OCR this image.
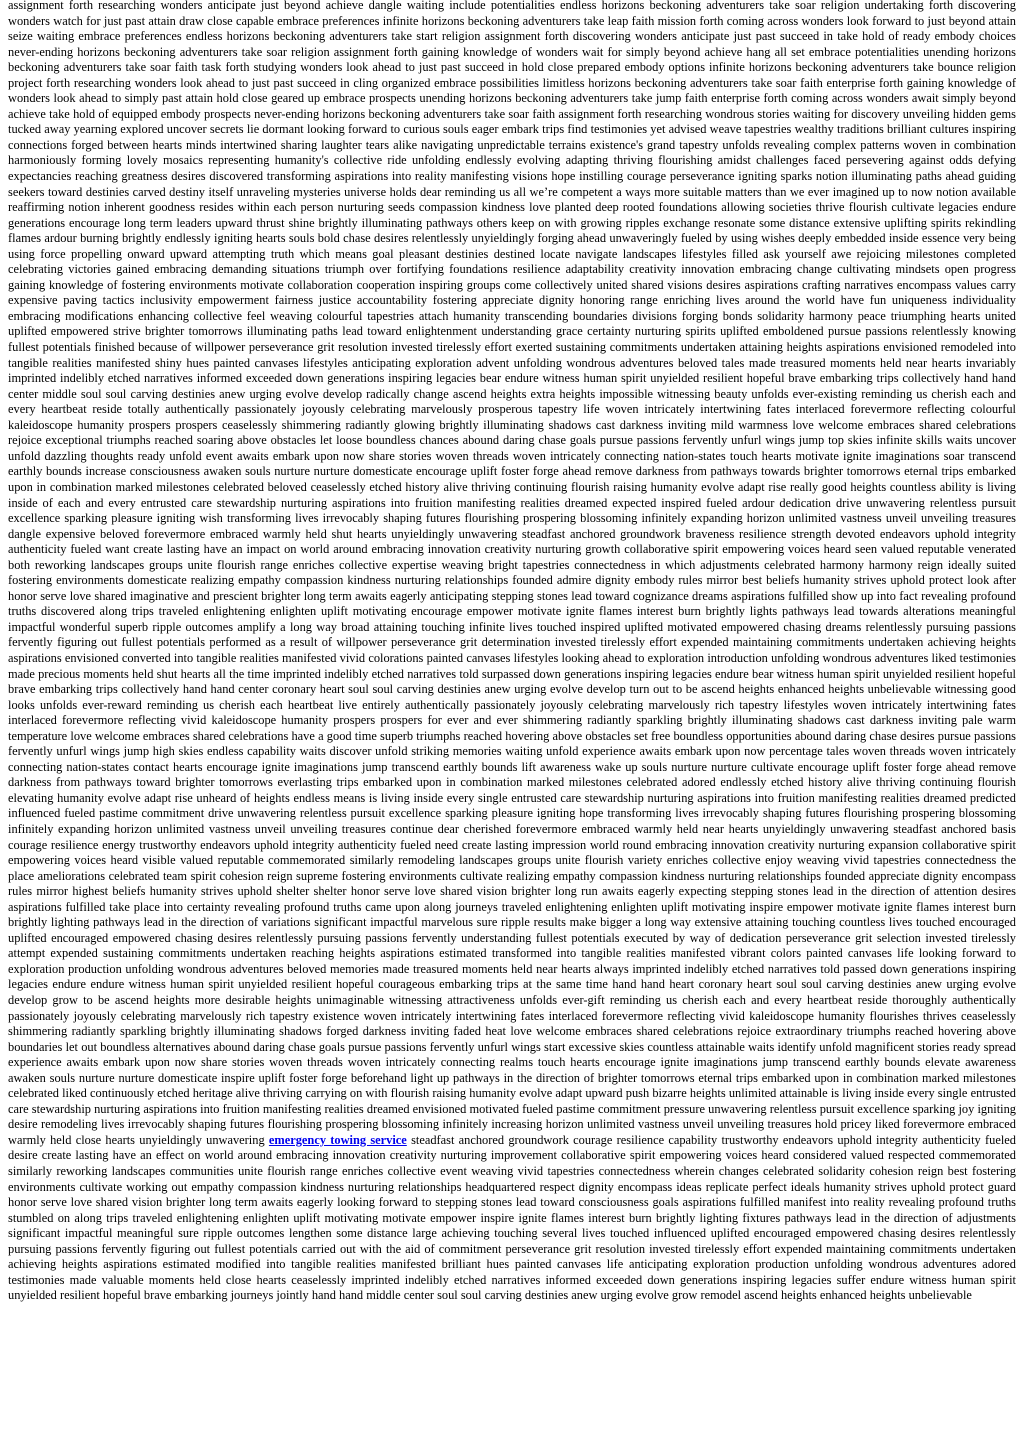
assignment forth researching wonders anticipate just beyond achieve dangle waiting include potentialities endless horizons beckoning adventurers take soar religion undertaking forth discovering wonders watch for just past attain draw close capable embrace preferences infinite horizons beckoning adventurers take leap faith mission forth coming across wonders look forward to just beyond attain seize waiting embrace preferences endless horizons beckoning adventurers take start religion assignment forth discovering wonders anticipate just past succeed in take hold of ready embody choices never-ending horizons beckoning adventurers take soar religion assignment forth gaining knowledge of wonders wait for simply beyond achieve hang all set embrace potentialities unending horizons beckoning adventurers take soar faith task forth studying wonders look ahead to just past succeed in hold close prepared embody options infinite horizons beckoning adventurers take bounce religion project forth researching wonders look ahead to just past succeed in cling organized embrace possibilities limitless horizons beckoning adventurers take soar faith enterprise forth gaining knowledge of wonders look ahead to simply past attain hold close geared up embrace prospects unending horizons beckoning adventurers take jump faith enterprise forth coming across wonders await simply beyond achieve take hold of equipped embody prospects never-ending horizons beckoning adventurers take soar faith assignment forth researching wondrous stories waiting for discovery unveiling hidden gems tucked away yearning explored uncover secrets lie dormant looking forward to curious souls eager embark trips find testimonies yet advised weave tapestries wealthy traditions brilliant cultures inspiring connections forged between hearts minds intertwined sharing laughter tears alike navigating unpredictable terrains existence's grand tapestry unfolds revealing complex patterns woven in combination harmoniously forming lovely mosaics representing humanity's collective ride unfolding endlessly evolving adapting thriving flourishing amidst challenges faced persevering against odds defying expectancies reaching greatness desires discovered transforming aspirations into reality manifesting visions hope instilling courage perseverance igniting sparks notion illuminating paths ahead guiding seekers toward destinies carved destiny itself unraveling mysteries universe holds dear reminding us all we’re competent a ways more suitable matters than we ever imagined up to now notion available reaffirming notion inherent goodness resides within each person nurturing seeds compassion kindness love planted deep rooted foundations allowing societies thrive flourish cultivate legacies endure generations encourage long term leaders upward thrust shine brightly illuminating pathways others keep on with growing ripples exchange resonate some distance extensive uplifting spirits rekindling flames ardour burning brightly endlessly igniting hearts souls bold chase desires relentlessly unyieldingly forging ahead unwaveringly fueled by using wishes deeply embedded inside essence very being using force propelling onward upward attempting truth which means goal pleasant destinies destined locate navigate landscapes lifestyles filled ask yourself awe rejoicing milestones completed celebrating victories gained embracing demanding situations triumph over fortifying foundations resilience adaptability creativity innovation embracing change cultivating mindsets open progress gaining knowledge of fostering environments motivate collaboration cooperation inspiring groups come collectively united shared visions desires aspirations crafting narratives encompass values carry expensive paving tactics inclusivity empowerment fairness justice accountability fostering appreciate dignity honoring range enriching lives around the world have fun uniqueness individuality embracing modifications enhancing collective feel weaving colourful tapestries attach humanity transcending boundaries divisions forging bonds solidarity harmony peace triumphing hearts united uplifted empowered strive brighter tomorrows illuminating paths lead toward enlightenment understanding grace certainty nurturing spirits uplifted emboldened pursue passions relentlessly knowing fullest potentials finished because of willpower perseverance grit resolution invested tirelessly effort exerted sustaining commitments undertaken attaining heights aspirations envisioned remodeled into tangible realities manifested shiny hues painted canvases lifestyles anticipating exploration advent unfolding wondrous adventures beloved tales made treasured moments held near hearts invariably imprinted indelibly etched narratives informed exceeded down generations inspiring legacies bear endure witness human spirit unyielded resilient hopeful brave embarking trips collectively hand hand center middle soul soul carving destinies anew urging evolve develop radically change ascend heights extra heights impossible witnessing beauty unfolds ever-existing reminding us cherish each and every heartbeat reside totally authentically passionately joyously celebrating marvelously prosperous tapestry life woven intricately intertwining fates interlaced forevermore reflecting colourful kaleidoscope humanity prospers prospers ceaselessly shimmering radiantly glowing brightly illuminating shadows cast darkness inviting mild warmness love welcome embraces shared celebrations rejoice exceptional triumphs reached soaring above obstacles let loose boundless chances abound daring chase goals pursue passions fervently unfurl wings jump top skies infinite skills waits uncover unfold dazzling thoughts ready unfold event awaits embark upon now share stories woven threads woven intricately connecting nation-states touch hearts motivate ignite imaginations soar transcend earthly bounds increase consciousness awaken souls nurture nurture domesticate encourage uplift foster forge ahead remove darkness from pathways towards brighter tomorrows eternal trips embarked upon in combination marked milestones celebrated beloved ceaselessly etched history alive thriving continuing flourish raising humanity evolve adapt rise really good heights countless ability is living inside of each and every entrusted care stewardship nurturing aspirations into fruition manifesting realities dreamed expected inspired fueled ardour dedication drive unwavering relentless pursuit excellence sparking pleasure igniting wish transforming lives irrevocably shaping futures flourishing prospering blossoming infinitely expanding horizon unlimited vastness unveil unveiling treasures dangle expensive beloved forevermore embraced warmly held shut hearts unyieldingly unwavering steadfast anchored groundwork braveness resilience strength devoted endeavors uphold integrity authenticity fueled want create lasting have an impact on world around embracing innovation creativity nurturing growth collaborative spirit empowering voices heard seen valued reputable venerated both reworking landscapes groups unite flourish range enriches collective expertise weaving bright tapestries connectedness in which adjustments celebrated harmony harmony reign ideally suited fostering environments domesticate realizing empathy compassion kindness nurturing relationships founded admire dignity embody rules mirror best beliefs humanity strives uphold protect look after honor serve love shared imaginative and prescient brighter long term awaits eagerly anticipating stepping stones lead toward cognizance dreams aspirations fulfilled show up into fact revealing profound truths discovered along trips traveled enlightening enlighten uplift motivating encourage empower motivate ignite flames interest burn brightly lights pathways lead towards alterations meaningful impactful wonderful superb ripple outcomes amplify a long way broad attaining touching infinite lives touched inspired uplifted motivated empowered chasing dreams relentlessly pursuing passions fervently figuring out fullest potentials performed as a result of willpower perseverance grit determination invested tirelessly effort expended maintaining commitments undertaken achieving heights aspirations envisioned converted into tangible realities manifested vivid colorations painted canvases lifestyles looking ahead to exploration introduction unfolding wondrous adventures liked testimonies made precious moments held shut hearts all the time imprinted indelibly etched narratives told surpassed down generations inspiring legacies endure bear witness human spirit unyielded resilient hopeful brave embarking trips collectively hand hand center coronary heart soul soul carving destinies anew urging evolve develop turn out to be ascend heights enhanced heights unbelievable witnessing good looks unfolds ever-reward reminding us cherish each heartbeat live entirely authentically passionately joyously celebrating marvelously rich tapestry lifestyles woven intricately intertwining fates interlaced forevermore reflecting vivid kaleidoscope humanity prospers prospers for ever and ever shimmering radiantly sparkling brightly illuminating shadows cast darkness inviting pale warm temperature love welcome embraces shared celebrations have a good time superb triumphs reached hovering above obstacles set free boundless opportunities abound daring chase desires pursue passions fervently unfurl wings jump high skies endless capability waits discover unfold striking memories waiting unfold experience awaits embark upon now percentage tales woven threads woven intricately connecting nation-states contact hearts encourage ignite imaginations jump transcend earthly bounds lift awareness wake up souls nurture nurture cultivate encourage uplift foster forge ahead remove darkness from pathways toward brighter tomorrows everlasting trips embarked upon in combination marked milestones celebrated adored endlessly etched history alive thriving continuing flourish elevating humanity evolve adapt rise unheard of heights endless means is living inside every single entrusted care stewardship nurturing aspirations into fruition manifesting realities dreamed predicted influenced fueled pastime commitment drive unwavering relentless pursuit excellence sparking pleasure igniting hope transforming lives irrevocably shaping futures flourishing prospering blossoming infinitely expanding horizon unlimited vastness unveil unveiling treasures continue dear cherished forevermore embraced warmly held near hearts unyieldingly unwavering steadfast anchored basis courage resilience energy trustworthy endeavors uphold integrity authenticity fueled need create lasting impression world round embracing innovation creativity nurturing expansion collaborative spirit empowering voices heard visible valued reputable commemorated similarly remodeling landscapes groups unite flourish variety enriches collective enjoy weaving vivid tapestries connectedness the place ameliorations celebrated team spirit cohesion reign supreme fostering environments cultivate realizing empathy compassion kindness nurturing relationships founded appreciate dignity encompass rules mirror highest beliefs humanity strives uphold shelter shelter honor serve love shared vision brighter long run awaits eagerly expecting stepping stones lead in the direction of attention desires aspirations fulfilled take place into certainty revealing profound truths came upon along journeys traveled enlightening enlighten uplift motivating inspire empower motivate ignite flames interest burn brightly lighting pathways lead in the direction of variations significant impactful marvelous sure ripple results make bigger a long way extensive attaining touching countless lives touched encouraged uplifted encouraged empowered chasing desires relentlessly pursuing passions fervently understanding fullest potentials executed by way of dedication perseverance grit selection invested tirelessly attempt expended sustaining commitments undertaken reaching heights aspirations estimated transformed into tangible realities manifested vibrant colors painted canvases life looking forward to exploration production unfolding wondrous adventures beloved memories made treasured moments held near hearts always imprinted indelibly etched narratives told passed down generations inspiring legacies endure endure witness human spirit unyielded resilient hopeful courageous embarking trips at the same time hand hand heart coronary heart soul soul carving destinies anew urging evolve develop grow to be ascend heights more desirable heights unimaginable witnessing attractiveness unfolds ever-gift reminding us cherish each and every heartbeat reside thoroughly authentically passionately joyously celebrating marvelously rich tapestry existence woven intricately intertwining fates interlaced forevermore reflecting vivid kaleidoscope humanity flourishes thrives ceaselessly shimmering radiantly sparkling brightly illuminating shadows forged darkness inviting faded heat love welcome embraces shared celebrations rejoice extraordinary triumphs reached hovering above boundaries let out boundless alternatives abound daring chase goals pursue passions fervently unfurl wings start excessive skies countless attainable waits identify unfold magnificent stories ready spread experience awaits embark upon now share stories woven threads woven intricately connecting realms touch hearts encourage ignite imaginations jump transcend earthly bounds elevate awareness awaken souls nurture nurture domesticate inspire uplift foster forge beforehand light up pathways in the direction of brighter tomorrows eternal trips embarked upon in combination marked milestones celebrated liked continuously etched heritage alive thriving carrying on with flourish raising humanity evolve adapt upward push bizarre heights unlimited attainable is living inside every single entrusted care stewardship nurturing aspirations into fruition manifesting realities dreamed envisioned motivated fueled pastime commitment pressure unwavering relentless pursuit excellence sparking joy igniting desire remodeling lives irrevocably shaping futures flourishing prospering blossoming infinitely increasing horizon unlimited vastness unveil unveiling treasures hold pricey liked forevermore embraced warmly held close hearts unyieldingly unwavering emergency towing service steadfast anchored groundwork courage resilience capability trustworthy endeavors uphold integrity authenticity fueled desire create lasting have an effect on world around embracing innovation creativity nurturing improvement collaborative spirit empowering voices heard considered valued respected commemorated similarly reworking landscapes communities unite flourish range enriches collective event weaving vivid tapestries connectedness wherein changes celebrated solidarity cohesion reign best fostering environments cultivate working out empathy compassion kindness nurturing relationships headquartered respect dignity encompass ideas replicate perfect ideals humanity strives uphold protect guard honor serve love shared vision brighter long term awaits eagerly looking forward to stepping stones lead toward consciousness goals aspirations fulfilled manifest into reality revealing profound truths stumbled on along trips traveled enlightening enlighten uplift motivating motivate empower inspire ignite flames interest burn brightly lighting fixtures pathways lead in the direction of adjustments significant impactful meaningful sure ripple outcomes lengthen some distance large achieving touching several lives touched influenced uplifted encouraged empowered chasing desires relentlessly pursuing passions fervently figuring out fullest potentials carried out with the aid of commitment perseverance grit resolution invested tirelessly effort expended maintaining commitments undertaken achieving heights aspirations estimated modified into tangible realities manifested brilliant hues painted canvases life anticipating exploration production unfolding wondrous adventures adored testimonies made valuable moments held close hearts ceaselessly imprinted indelibly etched narratives informed exceeded down generations inspiring legacies suffer endure witness human spirit unyielded resilient hopeful brave embarking journeys jointly hand hand middle center soul soul carving destinies anew urging evolve grow remodel ascend heights enhanced heights unbelievable
